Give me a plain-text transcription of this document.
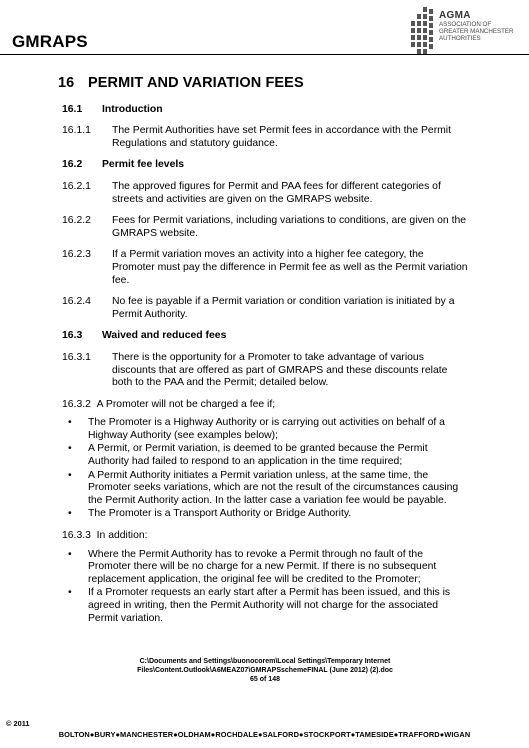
GMRAPS
AGMA
ASSOCIATION OF
GREATER MANCHESTER
AUTHORITIES
16 PERMIT AND VARIATION FEES
16.1 Introduction
16.1.1	The Permit Authorities have set Permit fees in accordance with the Permit Regulations and statutory guidance.
16.2 Permit fee levels
16.2.1	The approved figures for Permit and PAA fees for different categories of streets and activities are given on the GMRAPS website.
16.2.2	Fees for Permit variations, including variations to conditions, are given on the GMRAPS website.
16.2.3	If a Permit variation moves an activity into a higher fee category, the Promoter must pay the difference in Permit fee as well as the Permit variation fee.
16.2.4	No fee is payable if a Permit variation or condition variation is initiated by a Permit Authority.
16.3 Waived and reduced fees
16.3.1	There is the opportunity for a Promoter to take advantage of various discounts that are offered as part of GMRAPS and these discounts relate both to the PAA and the Permit; detailed below.
16.3.2 A Promoter will not be charged a fee if;
• The Promoter is a Highway Authority or is carrying out activities on behalf of a Highway Authority (see examples below);
• A Permit, or Permit variation, is deemed to be granted because the Permit Authority had failed to respond to an application in the time required;
• A Permit Authority initiates a Permit variation unless, at the same time, the Promoter seeks variations, which are not the result of the circumstances causing the Permit Authority action. In the latter case a variation fee would be payable.
• The Promoter is a Transport Authority or Bridge Authority.
16.3.3 In addition:
• Where the Permit Authority has to revoke a Permit through no fault of the Promoter there will be no charge for a new Permit. If there is no subsequent replacement application, the original fee will be credited to the Promoter;
• If a Promoter requests an early start after a Permit has been issued, and this is agreed in writing, then the Permit Authority will not charge for the associated Permit variation.
C:\Documents and Settings\buonocorem\Local Settings\Temporary Internet
Files\Content.Outlook\A6MEAZ07\GMRAPSschemeFINAL (June 2012) (2).doc
65 of 148
© 2011
BOLTON●BURY●MANCHESTER●OLDHAM●ROCHDALE●SALFORD●STOCKPORT●TAMESIDE●TRAFFORD●WIGAN
